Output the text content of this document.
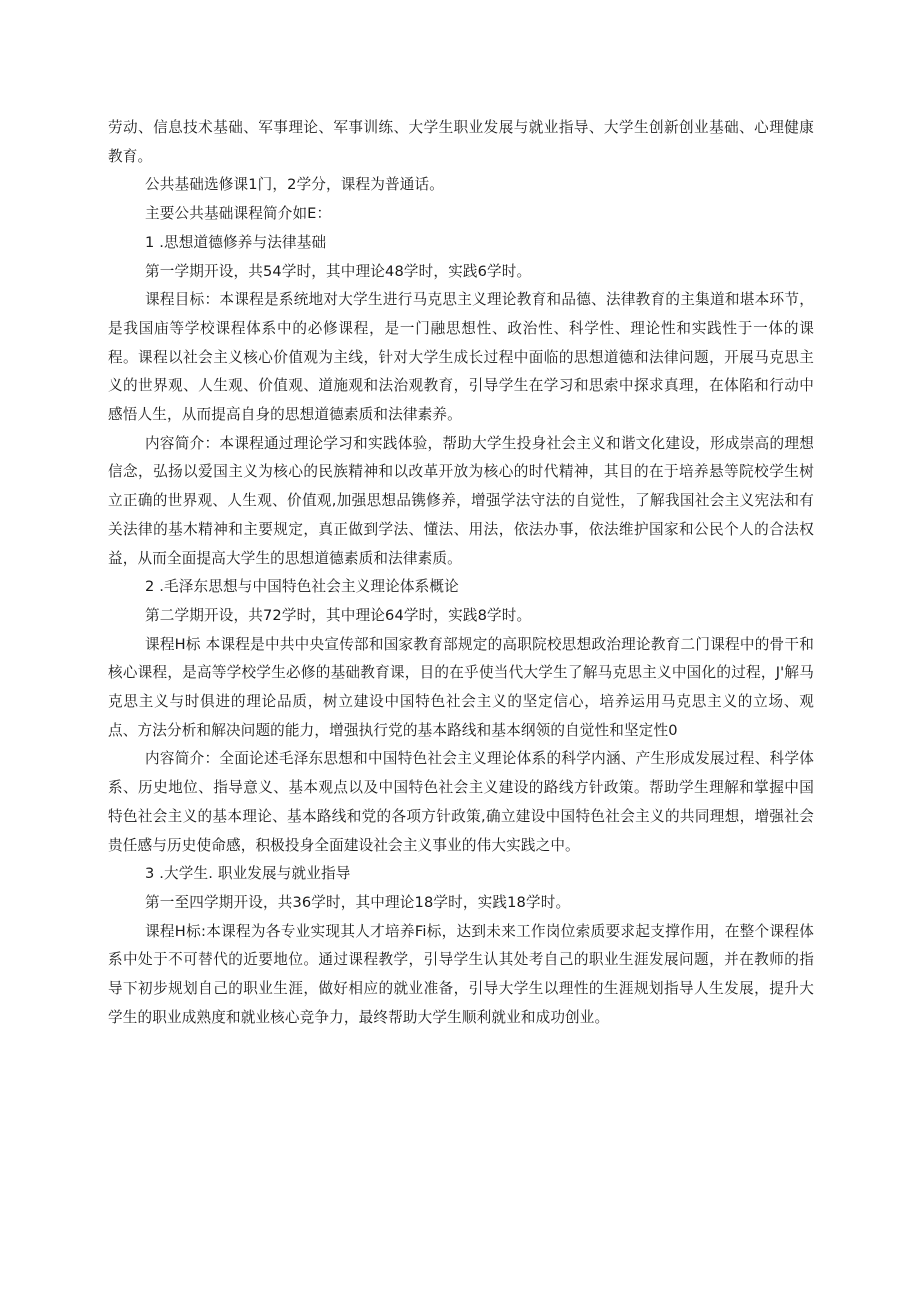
劳动、信息技术基础、军事理论、军事训练、大学生职业发展与就业指导、大学生创新创业基础、心理健康教育。

公共基础选修课1门，2学分，课程为普通话。

主要公共基础课程简介如E：

1 .思想道德修养与法律基础

第一学期开设，共54学时，其中理论48学时，实践6学时。

课程目标：本课程是系统地对大学生进行马克思主义理论教育和品德、法律教育的主集道和堪本环节，是我国庙等学校课程体系中的必修课程，是一门融思想性、政治性、科学性、理论性和实践性于一体的课程。课程以社会主义核心价值观为主线，针对大学生成长过程中面临的思想道德和法律问题，开展马克思主义的世界观、人生观、价值观、道施观和法治观教育，引导学生在学习和思索中探求真理，在体陷和行动中感悟人生，从而提高自身的思想道德素质和法律素养。

内容简介：本课程通过理论学习和实践体验，帮助大学生投身社会主义和谐文化建设，形成崇高的理想信念，弘扬以爱国主义为核心的民族精神和以改革开放为核心的时代精神，其目的在于培养悬等院校学生树立正确的世界观、人生观、价值观,加强思想品镌修养，增强学法守法的自觉性，了解我国社会主义宪法和有关法律的基木精神和主要规定，真正做到学法、懂法、用法，依法办事，依法维护国家和公民个人的合法权益，从而全面提高大学生的思想道德素质和法律素质。

2 .毛泽东思想与中国特色社会主义理论体系概论

第二学期开设，共72学时，其中理论64学时，实践8学时。

课程H标 本课程是中共中央宣传部和国家教育部规定的高职院校思想政治理论教育二门课程中的骨干和核心课程，是高等学校学生必修的基础教育课，目的在乎使当代大学生了解马克思主义中国化的过程，J'解马克思主义与时俱进的理论品质，树立建设中国特色社会主义的坚定信心，培养运用马克思主义的立场、观点、方法分析和解决问题的能力，增强执行党的基本路线和基本纲领的自觉性和坚定性0

内容简介：全面论述毛泽东思想和中国特色社会主义理论体系的科学内涵、产生形成发展过程、科学体系、历史地位、指导意义、基本观点以及中国特色社会主义建设的路线方针政策。帮助学生理解和掌握中国特色社会主义的基本理论、基本路线和党的各项方针政策,确立建设中国特色社会主义的共同理想，增强社会贵任感与历史使命感，积极投身全面建设社会主义事业的伟大实践之中。

3 .大学生. 职业发展与就业指导

第一至四学期开设，共36学时，其中理论18学时，实践18学时。

课程H标:本课程为各专业实现其人才培养Fi标，达到未来工作岗位索质要求起支撑作用，在整个课程体系中处于不可替代的近要地位。通过课程教学，引导学生认其处考自己的职业生涯发展问题，并在教师的指导下初步规划自己的职业生涯，做好相应的就业准备，引导大学生以理性的生涯规划指导人生发展，提升大学生的职业成熟度和就业核心竞争力，最终帮助大学生顺利就业和成功创业。
